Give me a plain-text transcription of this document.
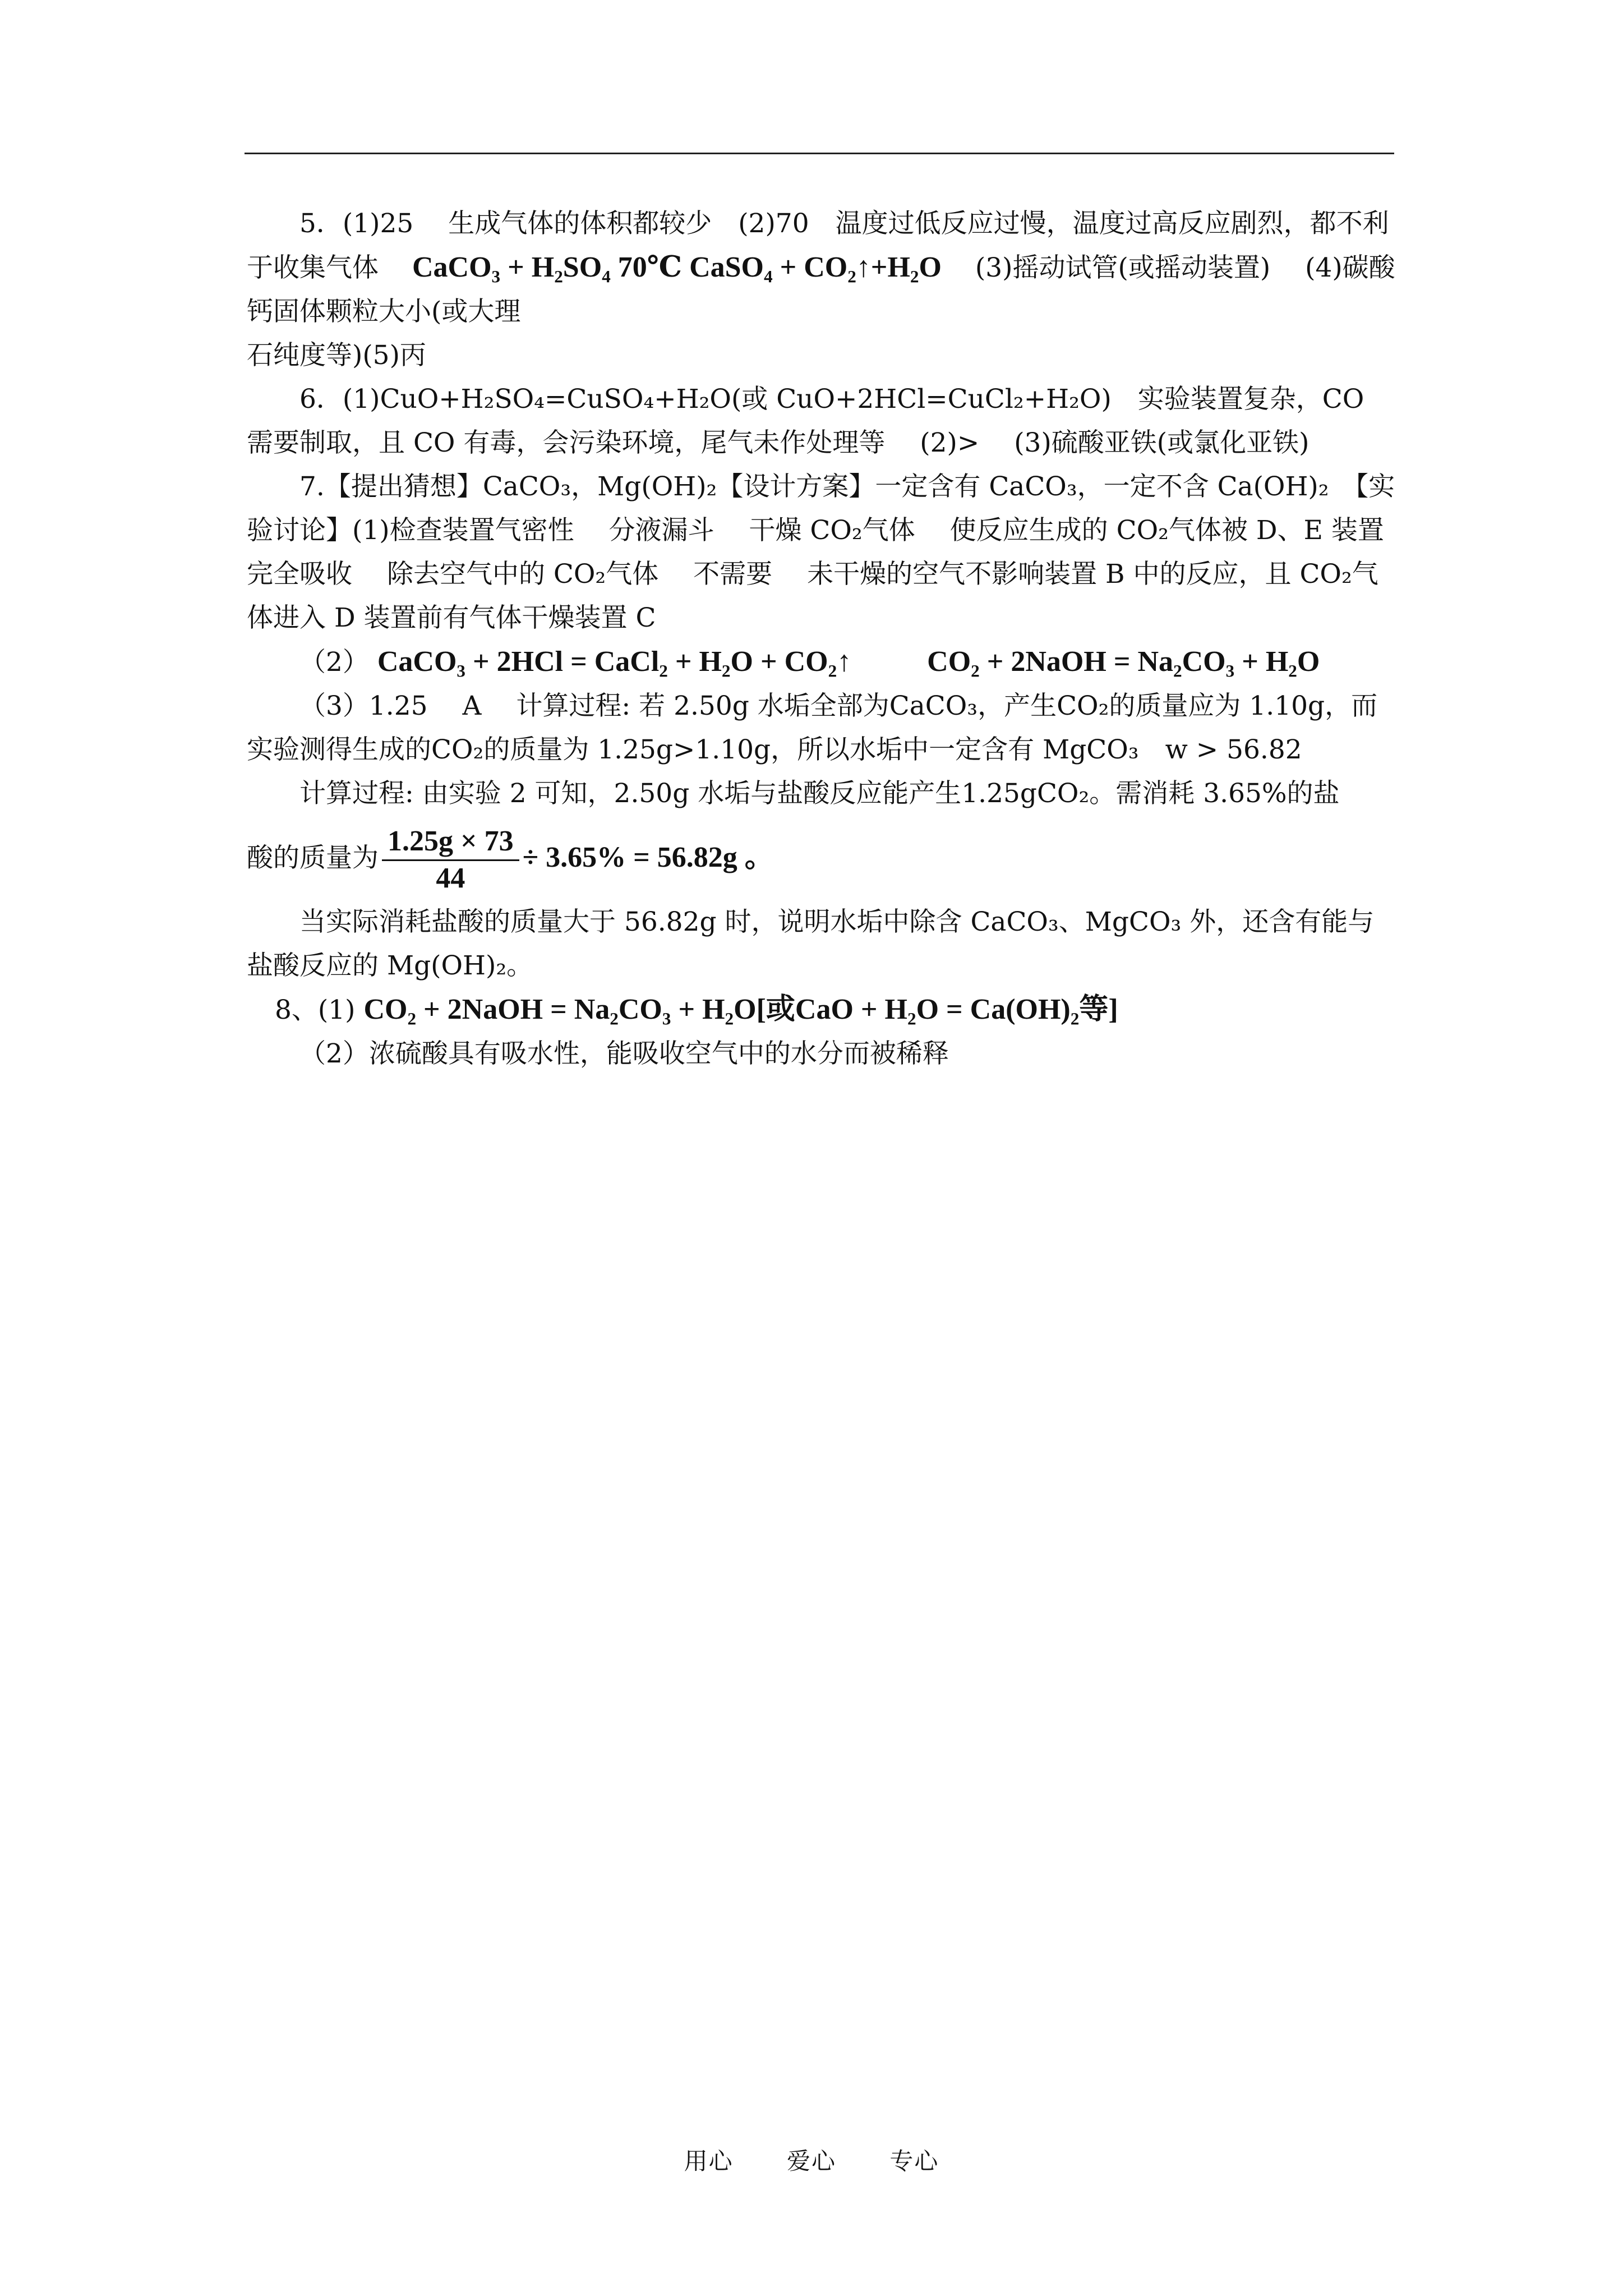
5．(1)25　 生成气体的体积都较少　(2)70　温度过低反应过慢，温度过高反应剧烈，都不利于收集气体 CaCO₃ + H₂SO₄ 70℃ CaSO₄ + CO₂↑+H₂O (3)摇动试管(或摇动装置)　 (4)碳酸钙固体颗粒大小(或大理

石纯度等)(5)丙

6．(1)CuO+H₂SO₄=CuSO₄+H₂O(或 CuO+2HCl=CuCl₂+H₂O)　实验装置复杂，CO 需要制取，且 CO 有毒，会污染环境，尾气未作处理等　 (2)>　 (3)硫酸亚铁(或氯化亚铁)

7.【提出猜想】CaCO₃，Mg(OH)₂【设计方案】一定含有 CaCO₃，一定不含 Ca(OH)₂　【实验讨论】(1)检查装置气密性　 分液漏斗　 干燥 CO₂气体　 使反应生成的 CO₂气体被 D、E 装置完全吸收　 除去空气中的 CO₂气体　 不需要　 未干燥的空气不影响装置 B 中的反应，且 CO₂气体进入 D 装置前有气体干燥装置 C

（2） CaCO₃ + 2HCl = CaCl₂ + H₂O + CO₂↑	CO₂ + 2NaOH = Na₂CO₃ + H₂O

（3）1.25　 A　 计算过程: 若 2.50g 水垢全部为CaCO₃，产生CO₂的质量应为 1.10g，而实验测得生成的CO₂的质量为 1.25g>1.10g，所以水垢中一定含有 MgCO₃　w > 56.82

计算过程: 由实验 2 可知，2.50g 水垢与盐酸反应能产生1.25gCO₂。需消耗 3.65%的盐

酸的质量为 $\frac{1.25g \times 73}{44} \div 3.65\% = 56.82g$ 。

当实际消耗盐酸的质量大于 56.82g 时，说明水垢中除含 CaCO₃、MgCO₃ 外，还含有能与盐酸反应的 Mg(OH)₂。

8、(1) CO₂ + 2NaOH = Na₂CO₃ + H₂O[或CaO + H₂O = Ca(OH)₂等]

（2）浓硫酸具有吸水性，能吸收空气中的水分而被稀释

用心 爱心 专心
